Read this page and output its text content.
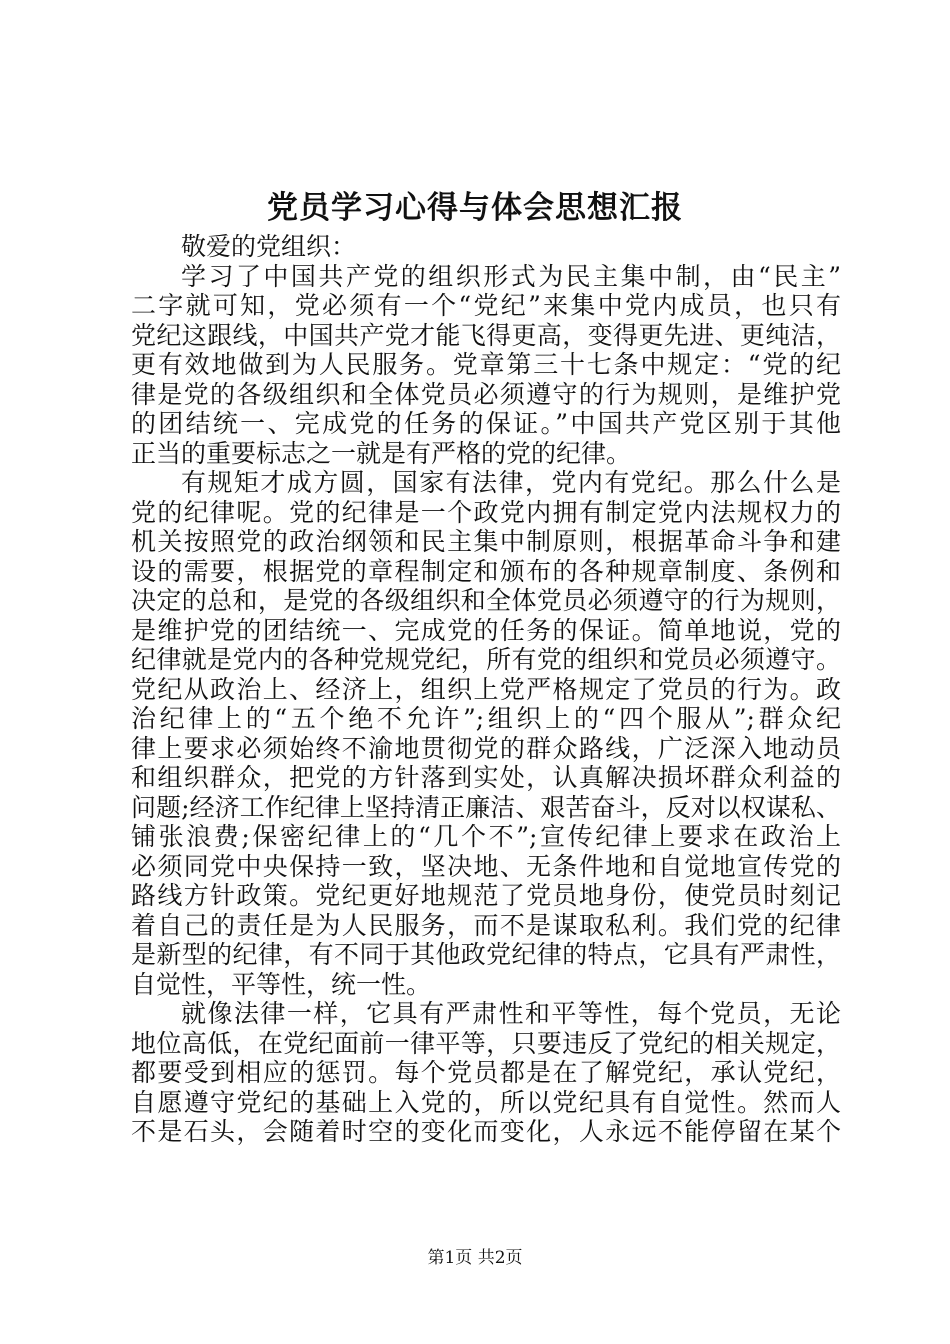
党员学习心得与体会思想汇报
敬爱的党组织：
学习了中国共产党的组织形式为民主集中制，由“民主”
二字就可知，党必须有一个“党纪”来集中党内成员，也只有
党纪这跟线，中国共产党才能飞得更高，变得更先进、更纯洁，
更有效地做到为人民服务。党章第三十七条中规定：“党的纪
律是党的各级组织和全体党员必须遵守的行为规则，是维护党
的团结统一、完成党的任务的保证。”中国共产党区别于其他
正当的重要标志之一就是有严格的党的纪律。
有规矩才成方圆，国家有法律，党内有党纪。那么什么是
党的纪律呢。党的纪律是一个政党内拥有制定党内法规权力的
机关按照党的政治纲领和民主集中制原则，根据革命斗争和建
设的需要，根据党的章程制定和颁布的各种规章制度、条例和
决定的总和，是党的各级组织和全体党员必须遵守的行为规则，
是维护党的团结统一、完成党的任务的保证。简单地说，党的
纪律就是党内的各种党规党纪，所有党的组织和党员必须遵守。
党纪从政治上、经济上，组织上党严格规定了党员的行为。政
治纪律上的“五个绝不允许”;组织上的“四个服从”;群众纪
律上要求必须始终不渝地贯彻党的群众路线，广泛深入地动员
和组织群众，把党的方针落到实处，认真解决损坏群众利益的
问题;经济工作纪律上坚持清正廉洁、艰苦奋斗，反对以权谋私、
铺张浪费;保密纪律上的“几个不”;宣传纪律上要求在政治上
必须同党中央保持一致，坚决地、无条件地和自觉地宣传党的
路线方针政策。党纪更好地规范了党员地身份，使党员时刻记
着自己的责任是为人民服务，而不是谋取私利。我们党的纪律
是新型的纪律，有不同于其他政党纪律的特点，它具有严肃性，
自觉性，平等性，统一性。
就像法律一样，它具有严肃性和平等性，每个党员，无论
地位高低，在党纪面前一律平等，只要违反了党纪的相关规定，
都要受到相应的惩罚。每个党员都是在了解党纪，承认党纪，
自愿遵守党纪的基础上入党的，所以党纪具有自觉性。然而人
不是石头，会随着时空的变化而变化，人永远不能停留在某个
第1页 共2页
